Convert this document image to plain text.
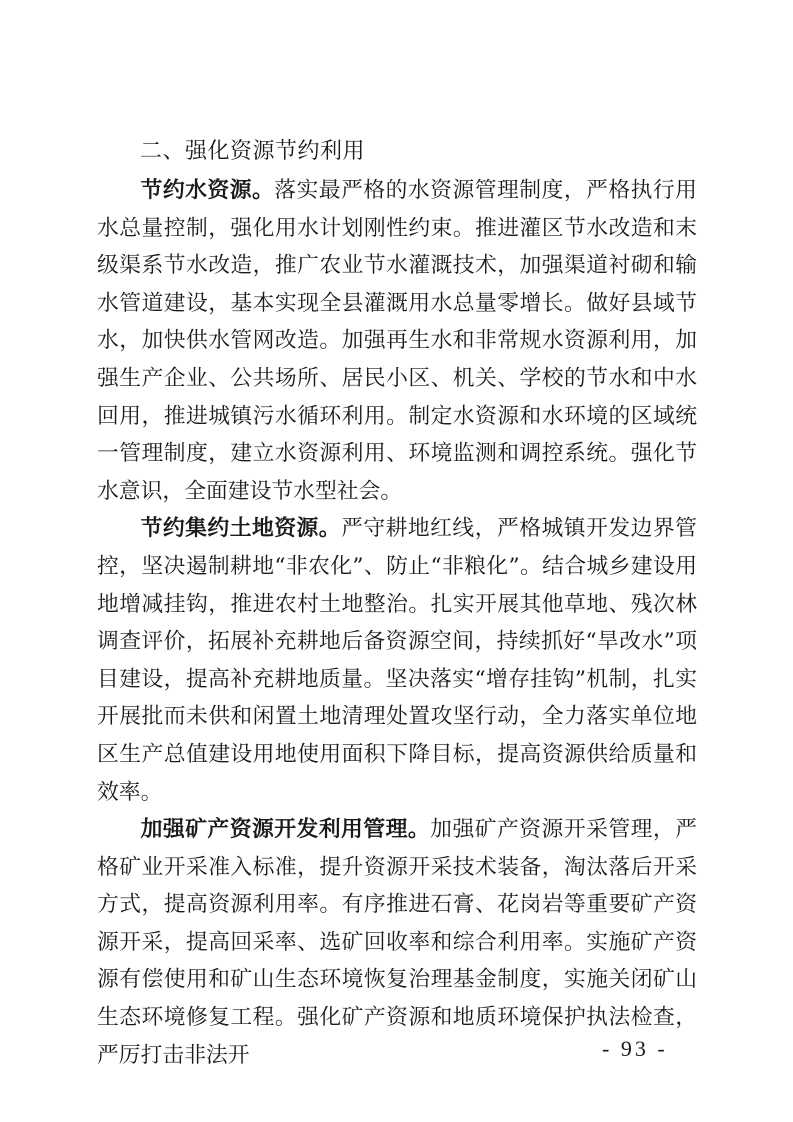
二、强化资源节约利用

节约水资源。落实最严格的水资源管理制度，严格执行用水总量控制，强化用水计划刚性约束。推进灌区节水改造和末级渠系节水改造，推广农业节水灌溉技术，加强渠道衬砌和输水管道建设，基本实现全县灌溉用水总量零增长。做好县域节水，加快供水管网改造。加强再生水和非常规水资源利用，加强生产企业、公共场所、居民小区、机关、学校的节水和中水回用，推进城镇污水循环利用。制定水资源和水环境的区域统一管理制度，建立水资源利用、环境监测和调控系统。强化节水意识，全面建设节水型社会。

节约集约土地资源。严守耕地红线，严格城镇开发边界管控，坚决遏制耕地“非农化”、防止“非粮化”。结合城乡建设用地增减挂钩，推进农村土地整治。扎实开展其他草地、残次林调查评价，拓展补充耕地后备资源空间，持续抓好“旱改水”项目建设，提高补充耕地质量。坚决落实“增存挂钩”机制，扎实开展批而未供和闲置土地清理处置攻坚行动，全力落实单位地区生产总值建设用地使用面积下降目标，提高资源供给质量和效率。

加强矿产资源开发利用管理。加强矿产资源开采管理，严格矿业开采准入标准，提升资源开采技术装备，淘汰落后开采方式，提高资源利用率。有序推进石膏、花岗岩等重要矿产资源开采，提高回采率、选矿回收率和综合利用率。实施矿产资源有偿使用和矿山生态环境恢复治理基金制度，实施关闭矿山生态环境修复工程。强化矿产资源和地质环境保护执法检查，严厉打击非法开	- 93 -
